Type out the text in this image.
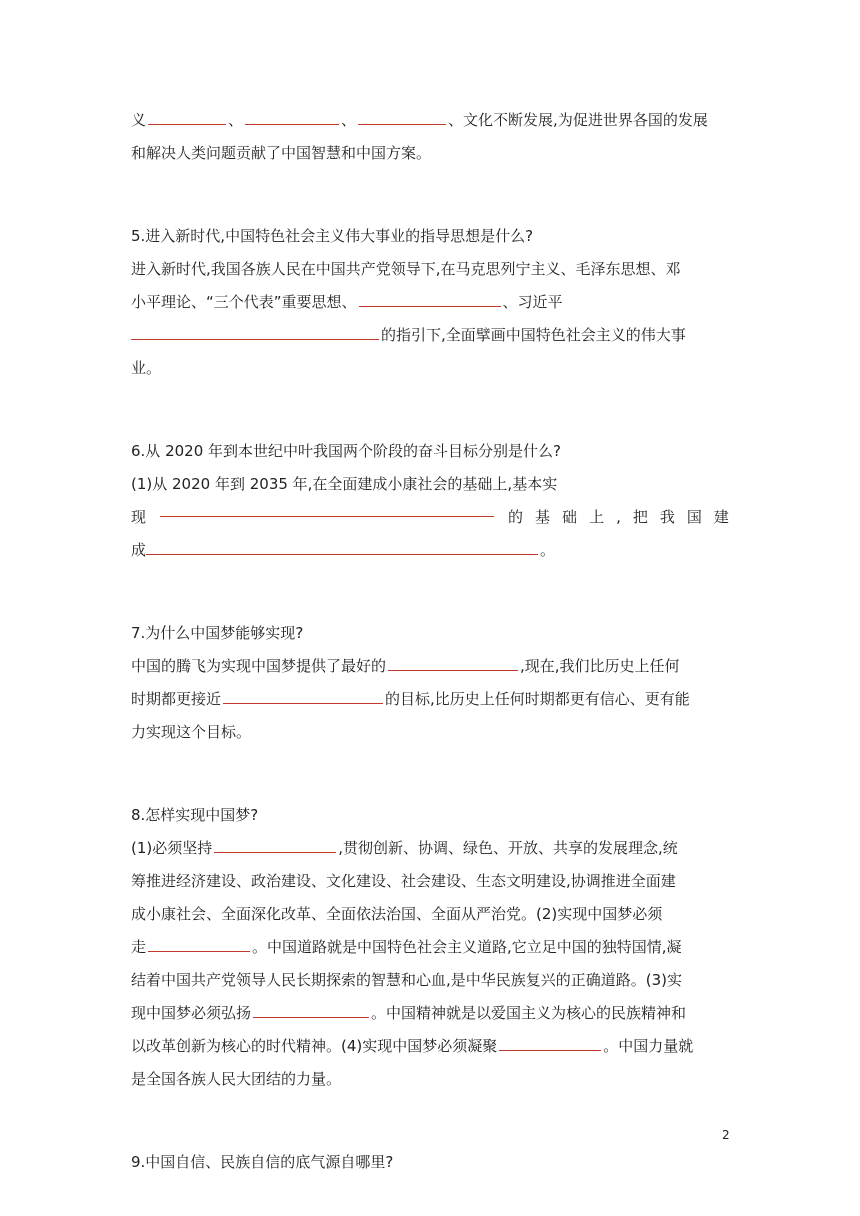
义	、	、	、文化不断发展,为促进世界各国的发展
和解决人类问题贡献了中国智慧和中国方案。
5.进入新时代,中国特色社会主义伟大事业的指导思想是什么?
进入新时代,我国各族人民在中国共产党领导下,在马克思列宁主义、毛泽东思想、邓
小平理论、“三个代表”重要思想、	、习近平
的指引下,全面擘画中国特色社会主义的伟大事
业。
6.从 2020 年到本世纪中叶我国两个阶段的奋斗目标分别是什么?
(1)从 2020 年到 2035 年,在全面建成小康社会的基础上,基本实
现	的 基 础 上 , 把 我 国 建
成	。
7.为什么中国梦能够实现?
中国的腾飞为实现中国梦提供了最好的	,现在,我们比历史上任何
时期都更接近	的目标,比历史上任何时期都更有信心、更有能
力实现这个目标。
8.怎样实现中国梦?
(1)必须坚持	,贯彻创新、协调、绿色、开放、共享的发展理念,统
筹推进经济建设、政治建设、文化建设、社会建设、生态文明建设,协调推进全面建
成小康社会、全面深化改革、全面依法治国、全面从严治党。(2)实现中国梦必须
走	。中国道路就是中国特色社会主义道路,它立足中国的独特国情,凝
结着中国共产党领导人民长期探索的智慧和心血,是中华民族复兴的正确道路。(3)实
现中国梦必须弘扬	。中国精神就是以爱国主义为核心的民族精神和
以改革创新为核心的时代精神。(4)实现中国梦必须凝聚	。中国力量就
是全国各族人民大团结的力量。
9.中国自信、民族自信的底气源自哪里?
2
